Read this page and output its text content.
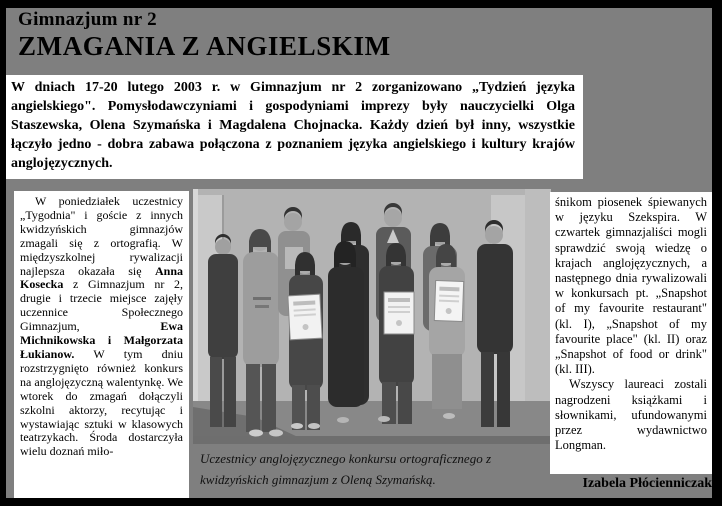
Gimnazjum nr 2
ZMAGANIA Z ANGIELSKIM
W dniach 17-20 lutego 2003 r. w Gimnazjum nr 2 zorganizowano „Tydzień języka angielskiego". Pomysłodawczyniami i gospodyniami imprezy były nauczycielki Olga Staszewska, Olena Szymańska i Magdalena Chojnacka. Każdy dzień był inny, wszystkie łączyło jedno - dobra zabawa połączona z poznaniem języka angielskiego i kultury krajów anglojęzycznych.

W poniedziałek uczestnicy „Tygodnia" i goście z innych kwidzyńskich gimnazjów zmagali się z ortografią. W międzyszkolnej rywalizacji najlepsza okazała się Anna Kosecka z Gimnazjum nr 2, drugie i trzecie miejsce zajęły uczennice Społecznego Gimnazjum, Ewa Michnikowska i Małgorzata Łukianow. W tym dniu rozstrzygnięto również konkurs na anglojęzyczną walentynkę. We wtorek do zmagań dołączyli szkolni aktorzy, recytując i wystawiając sztuki w klasowych teatrzykach. Środa dostarczyła wielu doznań miło-	Uczestnicy anglojęzycznego konkursu ortograficznego z kwidzyńskich gimnazjum z Oleną Szymańską.

śnikom piosenek śpiewanych w języku Szekspira. W czwartek gimnazjaliści mogli sprawdzić swoją wiedzę o krajach anglojęzycznych, a następnego dnia rywalizowali w konkursach pt. „Snapshot of my favourite restaurant" (kl. I), „Snapshot of my favourite place" (kl. II) oraz „Snapshot of food or drink" (kl. III).

Wszyscy laureaci zostali nagrodzeni książkami i słownikami, ufundowanymi przez wydawnictwo Longman.

Izabela Płócienniczak
